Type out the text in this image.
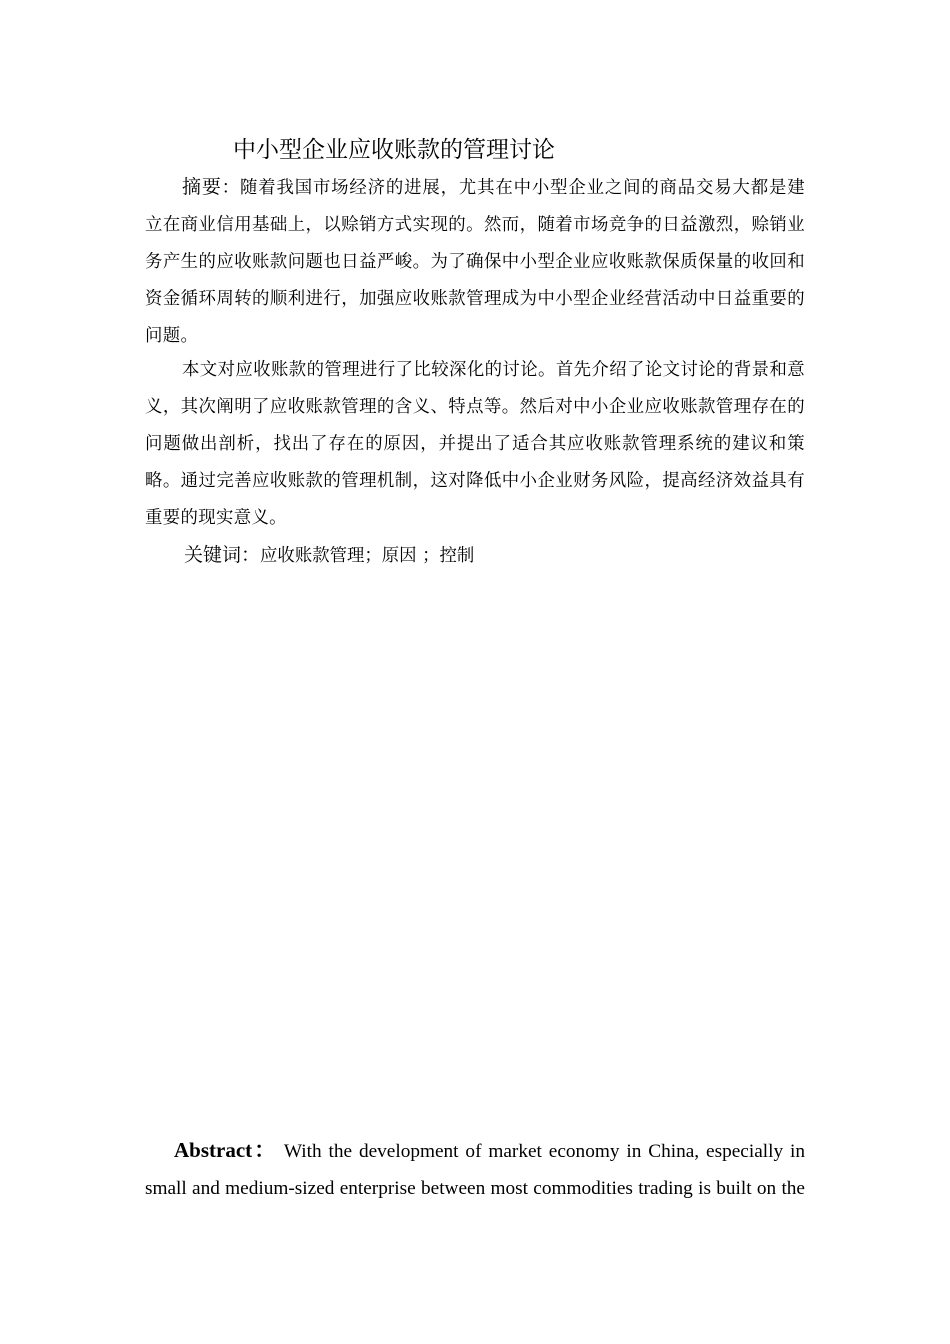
中小型企业应收账款的管理讨论
摘要：随着我国市场经济的进展，尤其在中小型企业之间的商品交易大都是建立在商业信用基础上，以赊销方式实现的。然而，随着市场竞争的日益激烈，赊销业务产生的应收账款问题也日益严峻。为了确保中小型企业应收账款保质保量的收回和资金循环周转的顺利进行，加强应收账款管理成为中小型企业经营活动中日益重要的问题。
本文对应收账款的管理进行了比较深化的讨论。首先介绍了论文讨论的背景和意义，其次阐明了应收账款管理的含义、特点等。然后对中小企业应收账款管理存在的问题做出剖析，找出了存在的原因，并提出了适合其应收账款管理系统的建议和策略。通过完善应收账款的管理机制，这对降低中小企业财务风险，提高经济效益具有重要的现实意义。
关键词：应收账款管理；原因 ；控制
Abstract： With the development of market economy in China, especially in small and medium-sized enterprise between most commodities trading is built on the
